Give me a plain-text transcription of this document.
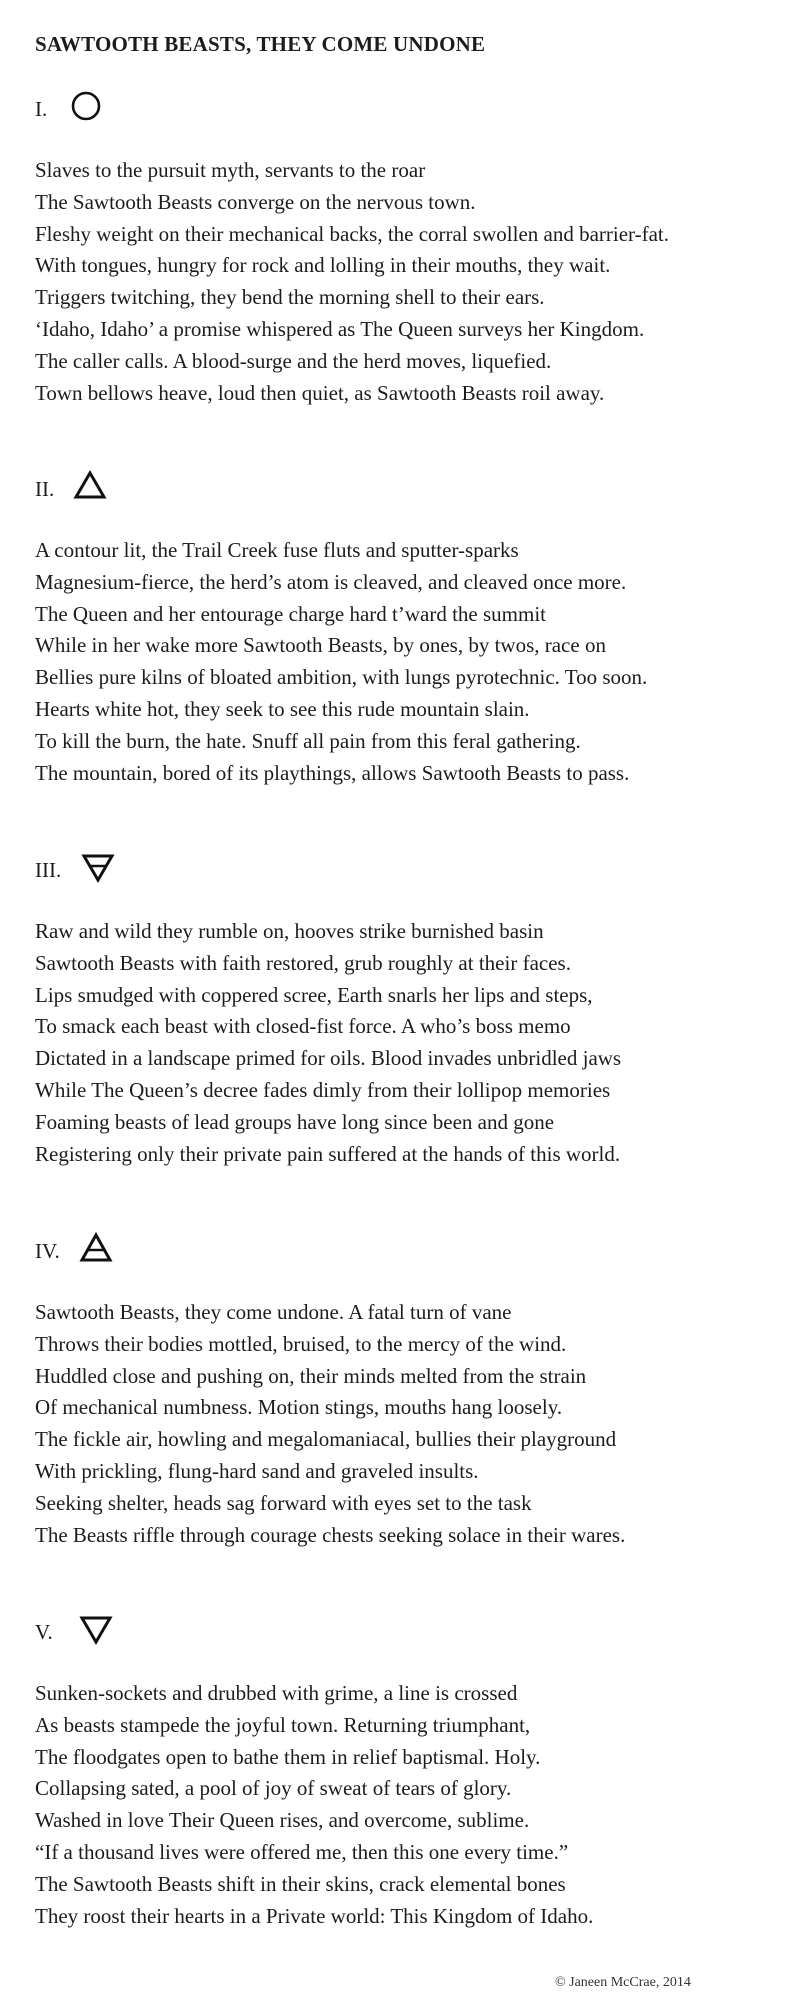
SAWTOOTH BEASTS, THEY COME UNDONE
I.
Slaves to the pursuit myth, servants to the roar
The Sawtooth Beasts converge on the nervous town.
Fleshy weight on their mechanical backs, the corral swollen and barrier-fat.
With tongues, hungry for rock and lolling in their mouths, they wait.
Triggers twitching, they bend the morning shell to their ears.
‘Idaho, Idaho’ a promise whispered as The Queen surveys her Kingdom.
The caller calls. A blood-surge and the herd moves, liquefied.
Town bellows heave, loud then quiet, as Sawtooth Beasts roil away.
II.
A contour lit, the Trail Creek fuse fluts and sputter-sparks
Magnesium-fierce, the herd’s atom is cleaved, and cleaved once more.
The Queen and her entourage charge hard t’ward the summit
While in her wake more Sawtooth Beasts, by ones, by twos, race on
Bellies pure kilns of bloated ambition, with lungs pyrotechnic. Too soon.
Hearts white hot, they seek to see this rude mountain slain.
To kill the burn, the hate. Snuff all pain from this feral gathering.
The mountain, bored of its playthings, allows Sawtooth Beasts to pass.
III.
Raw and wild they rumble on, hooves strike burnished basin
Sawtooth Beasts with faith restored, grub roughly at their faces.
Lips smudged with coppered scree, Earth snarls her lips and steps,
To smack each beast with closed-fist force. A who’s boss memo
Dictated in a landscape primed for oils. Blood invades unbridled jaws
While The Queen’s decree fades dimly from their lollipop memories
Foaming beasts of lead groups have long since been and gone
Registering only their private pain suffered at the hands of this world.
IV.
Sawtooth Beasts, they come undone. A fatal turn of vane
Throws their bodies mottled, bruised, to the mercy of the wind.
Huddled close and pushing on, their minds melted from the strain
Of mechanical numbness. Motion stings, mouths hang loosely.
The fickle air, howling and megalomaniacal, bullies their playground
With prickling, flung-hard sand and graveled insults.
Seeking shelter, heads sag forward with eyes set to the task
The Beasts riffle through courage chests seeking solace in their wares.
V.
Sunken-sockets and drubbed with grime, a line is crossed
As beasts stampede the joyful town. Returning triumphant,
The floodgates open to bathe them in relief baptismal. Holy.
Collapsing sated, a pool of joy of sweat of tears of glory.
Washed in love Their Queen rises, and overcome, sublime.
“If a thousand lives were offered me, then this one every time.”
The Sawtooth Beasts shift in their skins, crack elemental bones
They roost their hearts in a Private world: This Kingdom of Idaho.
© Janeen McCrae, 2014
